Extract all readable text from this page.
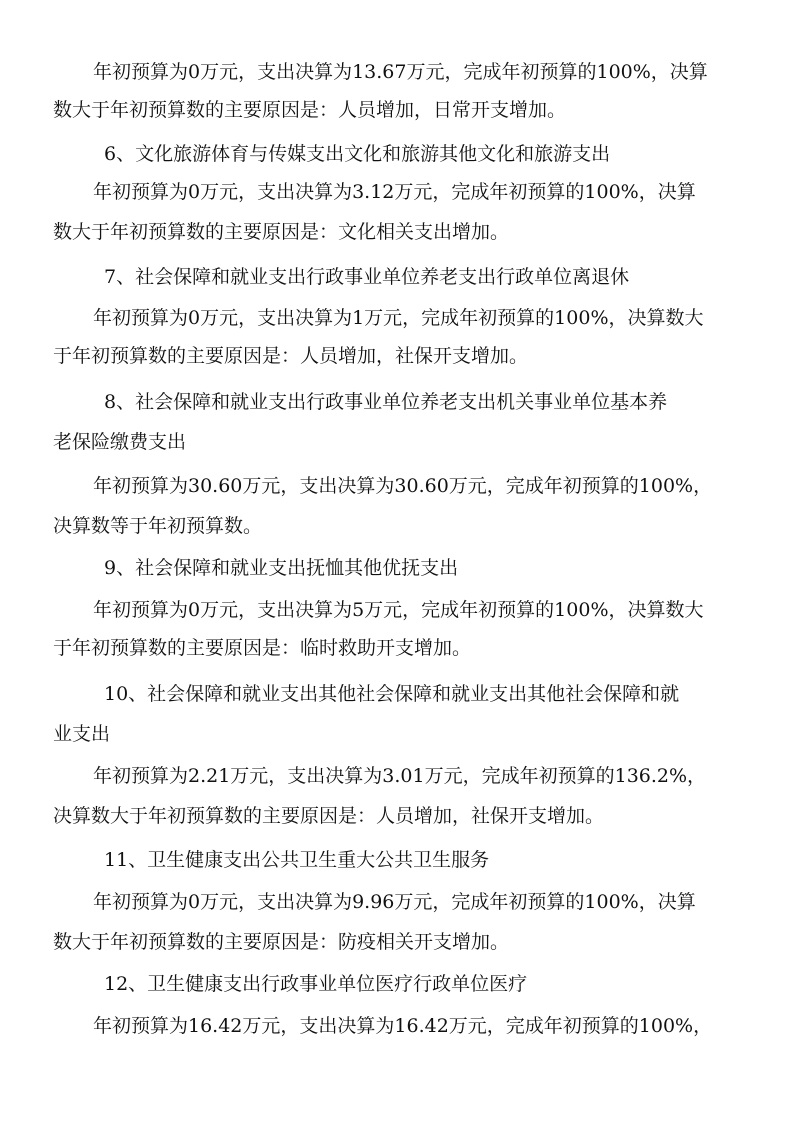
年初预算为0万元，支出决算为13.67万元，完成年初预算的100%，决算
数大于年初预算数的主要原因是：人员增加，日常开支增加。
6、文化旅游体育与传媒支出文化和旅游其他文化和旅游支出
年初预算为0万元，支出决算为3.12万元，完成年初预算的100%，决算
数大于年初预算数的主要原因是：文化相关支出增加。
7、社会保障和就业支出行政事业单位养老支出行政单位离退休
年初预算为0万元，支出决算为1万元，完成年初预算的100%，决算数大
于年初预算数的主要原因是：人员增加，社保开支增加。
8、社会保障和就业支出行政事业单位养老支出机关事业单位基本养
老保险缴费支出
年初预算为30.60万元，支出决算为30.60万元，完成年初预算的100%，
决算数等于年初预算数。
9、社会保障和就业支出抚恤其他优抚支出
年初预算为0万元，支出决算为5万元，完成年初预算的100%，决算数大
于年初预算数的主要原因是：临时救助开支增加。
10、社会保障和就业支出其他社会保障和就业支出其他社会保障和就
业支出
年初预算为2.21万元，支出决算为3.01万元，完成年初预算的136.2%，
决算数大于年初预算数的主要原因是：人员增加，社保开支增加。
11、卫生健康支出公共卫生重大公共卫生服务
年初预算为0万元，支出决算为9.96万元，完成年初预算的100%，决算
数大于年初预算数的主要原因是：防疫相关开支增加。
12、卫生健康支出行政事业单位医疗行政单位医疗
年初预算为16.42万元，支出决算为16.42万元，完成年初预算的100%，
